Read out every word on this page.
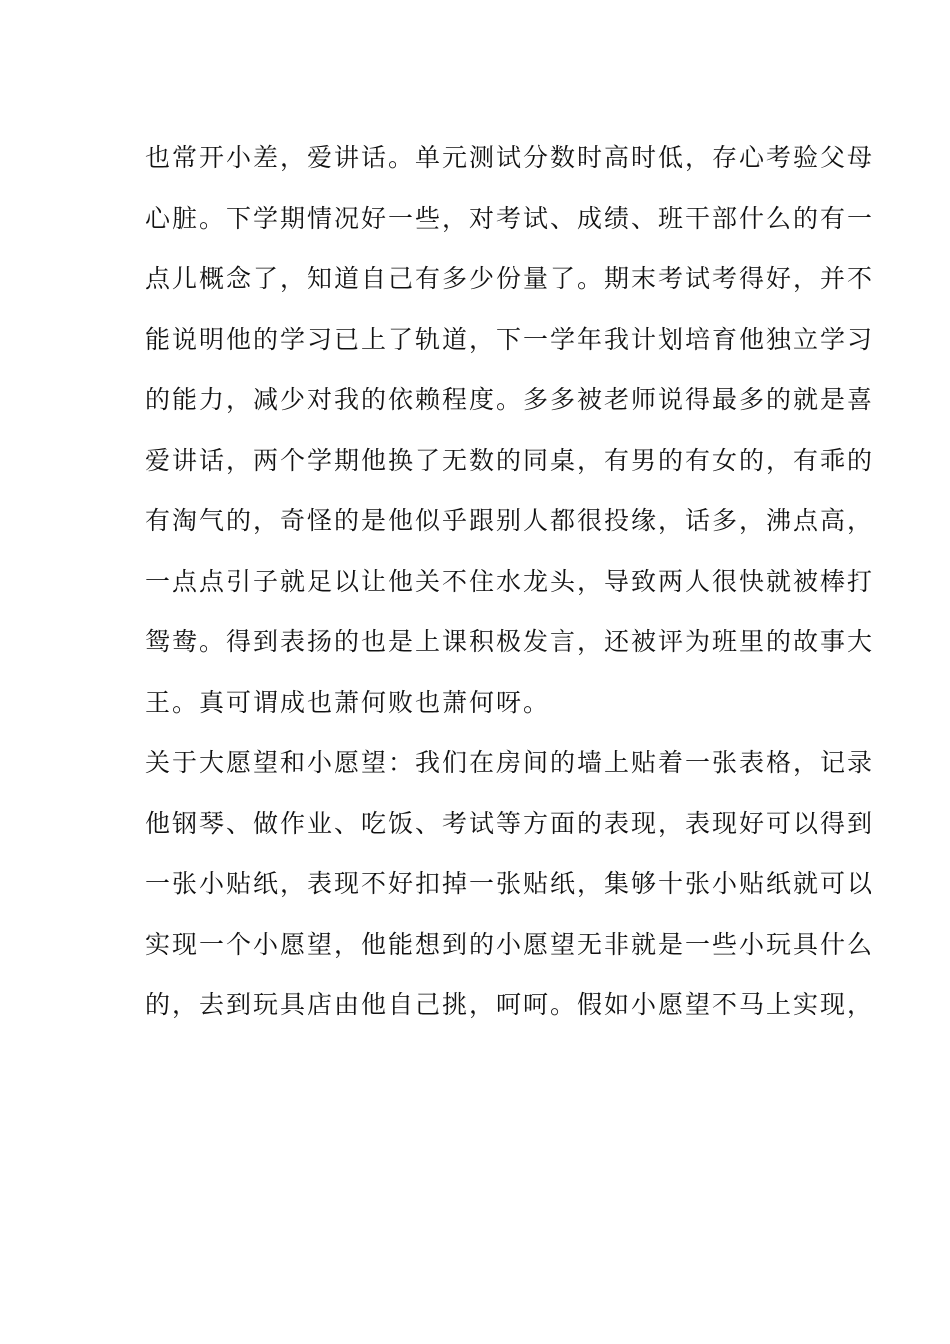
也常开小差，爱讲话。单元测试分数时高时低，存心考验父母

心脏。下学期情况好一些，对考试、成绩、班干部什么的有一

点儿概念了，知道自己有多少份量了。期末考试考得好，并不

能说明他的学习已上了轨道，下一学年我计划培育他独立学习

的能力，减少对我的依赖程度。多多被老师说得最多的就是喜

爱讲话，两个学期他换了无数的同桌，有男的有女的，有乖的

有淘气的，奇怪的是他似乎跟别人都很投缘，话多，沸点高，

一点点引子就足以让他关不住水龙头，导致两人很快就被棒打

鸳鸯。得到表扬的也是上课积极发言，还被评为班里的故事大

王。真可谓成也萧何败也萧何呀。

关于大愿望和小愿望：我们在房间的墙上贴着一张表格，记录

他钢琴、做作业、吃饭、考试等方面的表现，表现好可以得到

一张小贴纸，表现不好扣掉一张贴纸，集够十张小贴纸就可以

实现一个小愿望，他能想到的小愿望无非就是一些小玩具什么

的，去到玩具店由他自己挑，呵呵。假如小愿望不马上实现，
